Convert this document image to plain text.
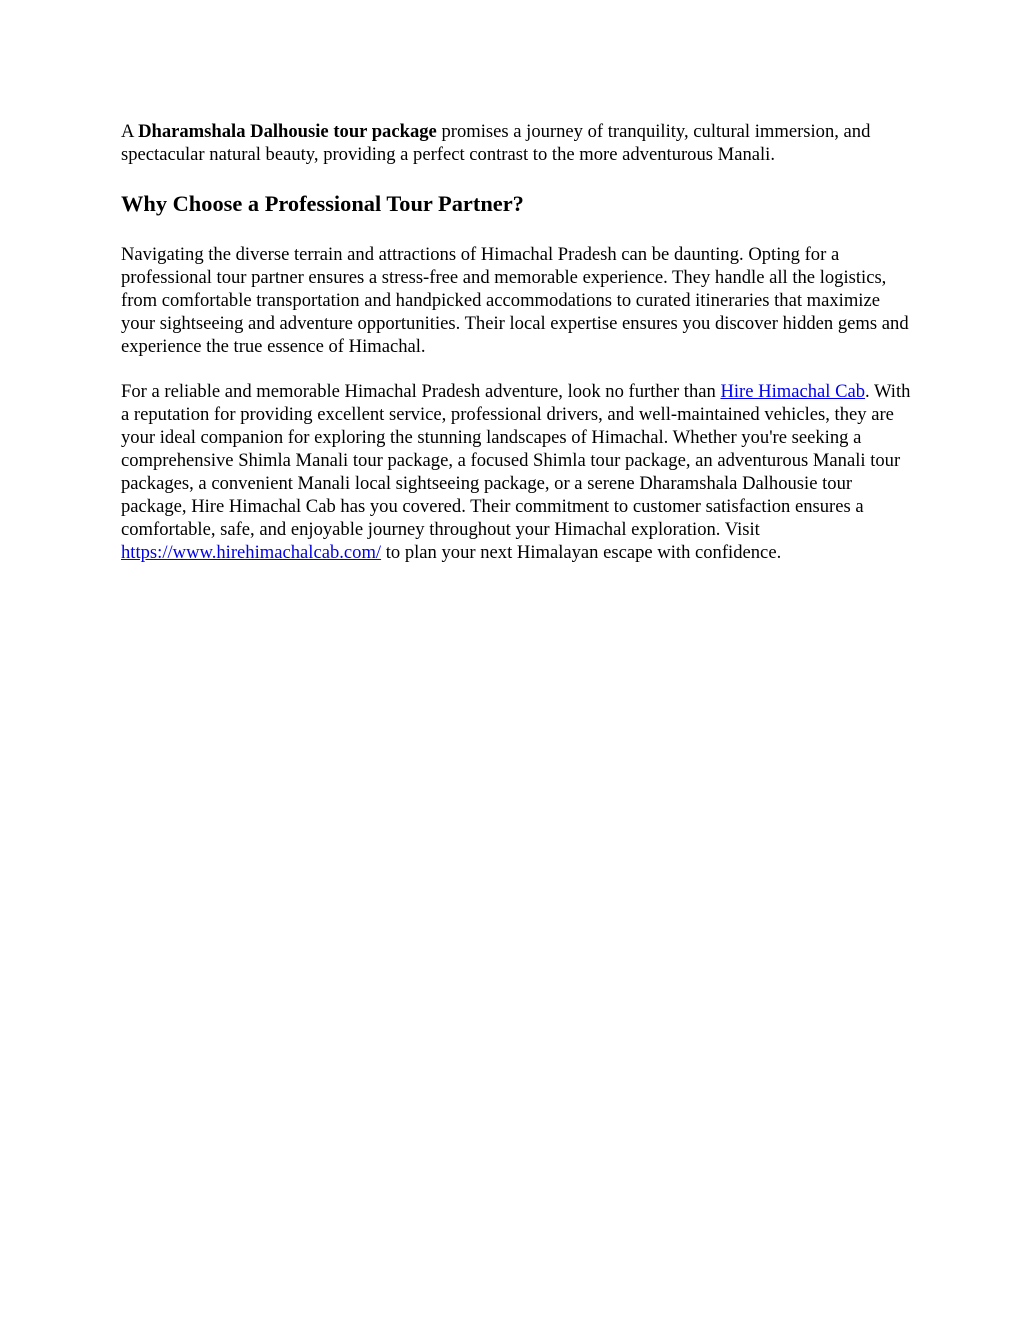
A Dharamshala Dalhousie tour package promises a journey of tranquility, cultural immersion, and spectacular natural beauty, providing a perfect contrast to the more adventurous Manali.

Why Choose a Professional Tour Partner?

Navigating the diverse terrain and attractions of Himachal Pradesh can be daunting. Opting for a professional tour partner ensures a stress-free and memorable experience. They handle all the logistics, from comfortable transportation and handpicked accommodations to curated itineraries that maximize your sightseeing and adventure opportunities. Their local expertise ensures you discover hidden gems and experience the true essence of Himachal.

For a reliable and memorable Himachal Pradesh adventure, look no further than Hire Himachal Cab. With a reputation for providing excellent service, professional drivers, and well-maintained vehicles, they are your ideal companion for exploring the stunning landscapes of Himachal. Whether you're seeking a comprehensive Shimla Manali tour package, a focused Shimla tour package, an adventurous Manali tour packages, a convenient Manali local sightseeing package, or a serene Dharamshala Dalhousie tour package, Hire Himachal Cab has you covered. Their commitment to customer satisfaction ensures a comfortable, safe, and enjoyable journey throughout your Himachal exploration. Visit https://www.hirehimachalcab.com/ to plan your next Himalayan escape with confidence.
